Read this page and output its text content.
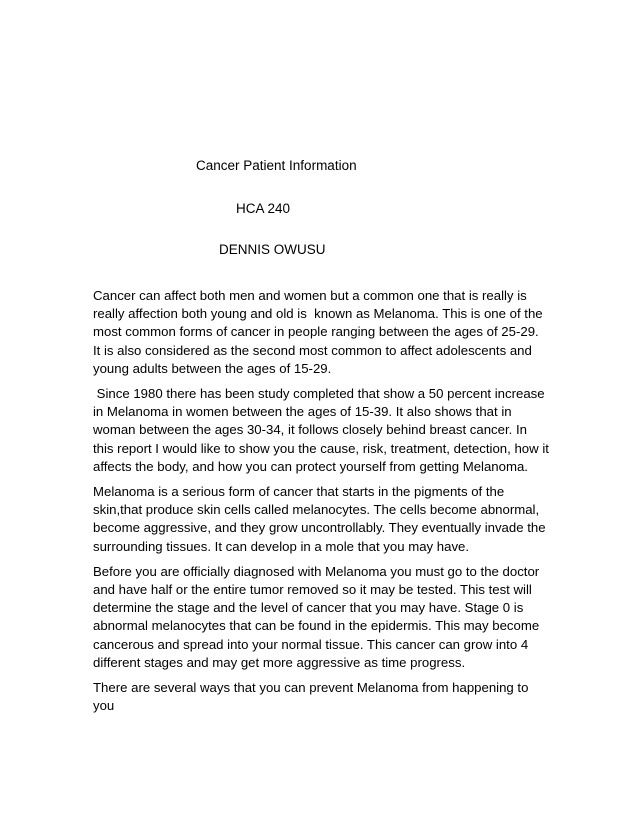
Cancer Patient Information
HCA 240
DENNIS OWUSU

Cancer can affect both men and women but a common one that is really is really affection both young and old is  known as Melanoma. This is one of the most common forms of cancer in people ranging between the ages of 25-29. It is also considered as the second most common to affect adolescents and young adults between the ages of 15-29.

Since 1980 there has been study completed that show a 50 percent increase in Melanoma in women between the ages of 15-39. It also shows that in woman between the ages 30-34, it follows closely behind breast cancer. In this report I would like to show you the cause, risk, treatment, detection, how it affects the body, and how you can protect yourself from getting Melanoma.

Melanoma is a serious form of cancer that starts in the pigments of the skin,that produce skin cells called melanocytes. The cells become abnormal, become aggressive, and they grow uncontrollably. They eventually invade the surrounding tissues. It can develop in a mole that you may have.

Before you are officially diagnosed with Melanoma you must go to the doctor and have half or the entire tumor removed so it may be tested. This test will determine the stage and the level of cancer that you may have. Stage 0 is abnormal melanocytes that can be found in the epidermis. This may become cancerous and spread into your normal tissue. This cancer can grow into 4 different stages and may get more aggressive as time progress.

There are several ways that you can prevent Melanoma from happening to you
